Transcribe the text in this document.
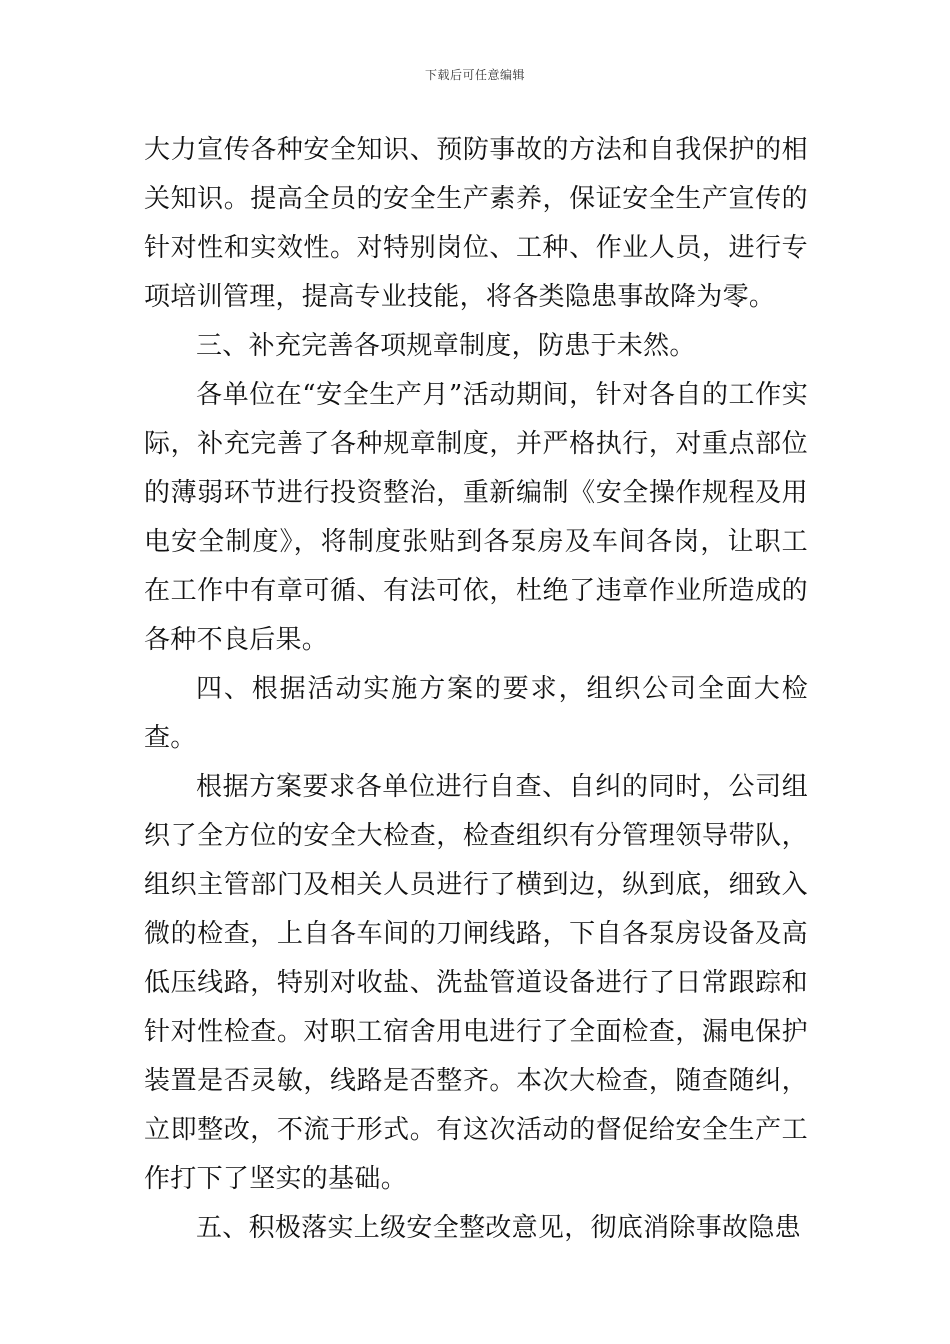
下载后可任意编辑

大力宣传各种安全知识、预防事故的方法和自我保护的相关知识。提高全员的安全生产素养，保证安全生产宣传的针对性和实效性。对特别岗位、工种、作业人员，进行专项培训管理，提高专业技能，将各类隐患事故降为零。

三、补充完善各项规章制度，防患于未然。

各单位在“安全生产月”活动期间，针对各自的工作实际，补充完善了各种规章制度，并严格执行，对重点部位的薄弱环节进行投资整治，重新编制《安全操作规程及用电安全制度》，将制度张贴到各泵房及车间各岗，让职工在工作中有章可循、有法可依，杜绝了违章作业所造成的各种不良后果。

四、根据活动实施方案的要求，组织公司全面大检查。

根据方案要求各单位进行自查、自纠的同时，公司组织了全方位的安全大检查，检查组织有分管理领导带队，组织主管部门及相关人员进行了横到边，纵到底，细致入微的检查，上自各车间的刀闸线路，下自各泵房设备及高低压线路，特别对收盐、洗盐管道设备进行了日常跟踪和针对性检查。对职工宿舍用电进行了全面检查，漏电保护装置是否灵敏，线路是否整齐。本次大检查，随查随纠，立即整改，不流于形式。有这次活动的督促给安全生产工作打下了坚实的基础。

五、积极落实上级安全整改意见，彻底消除事故隐患
